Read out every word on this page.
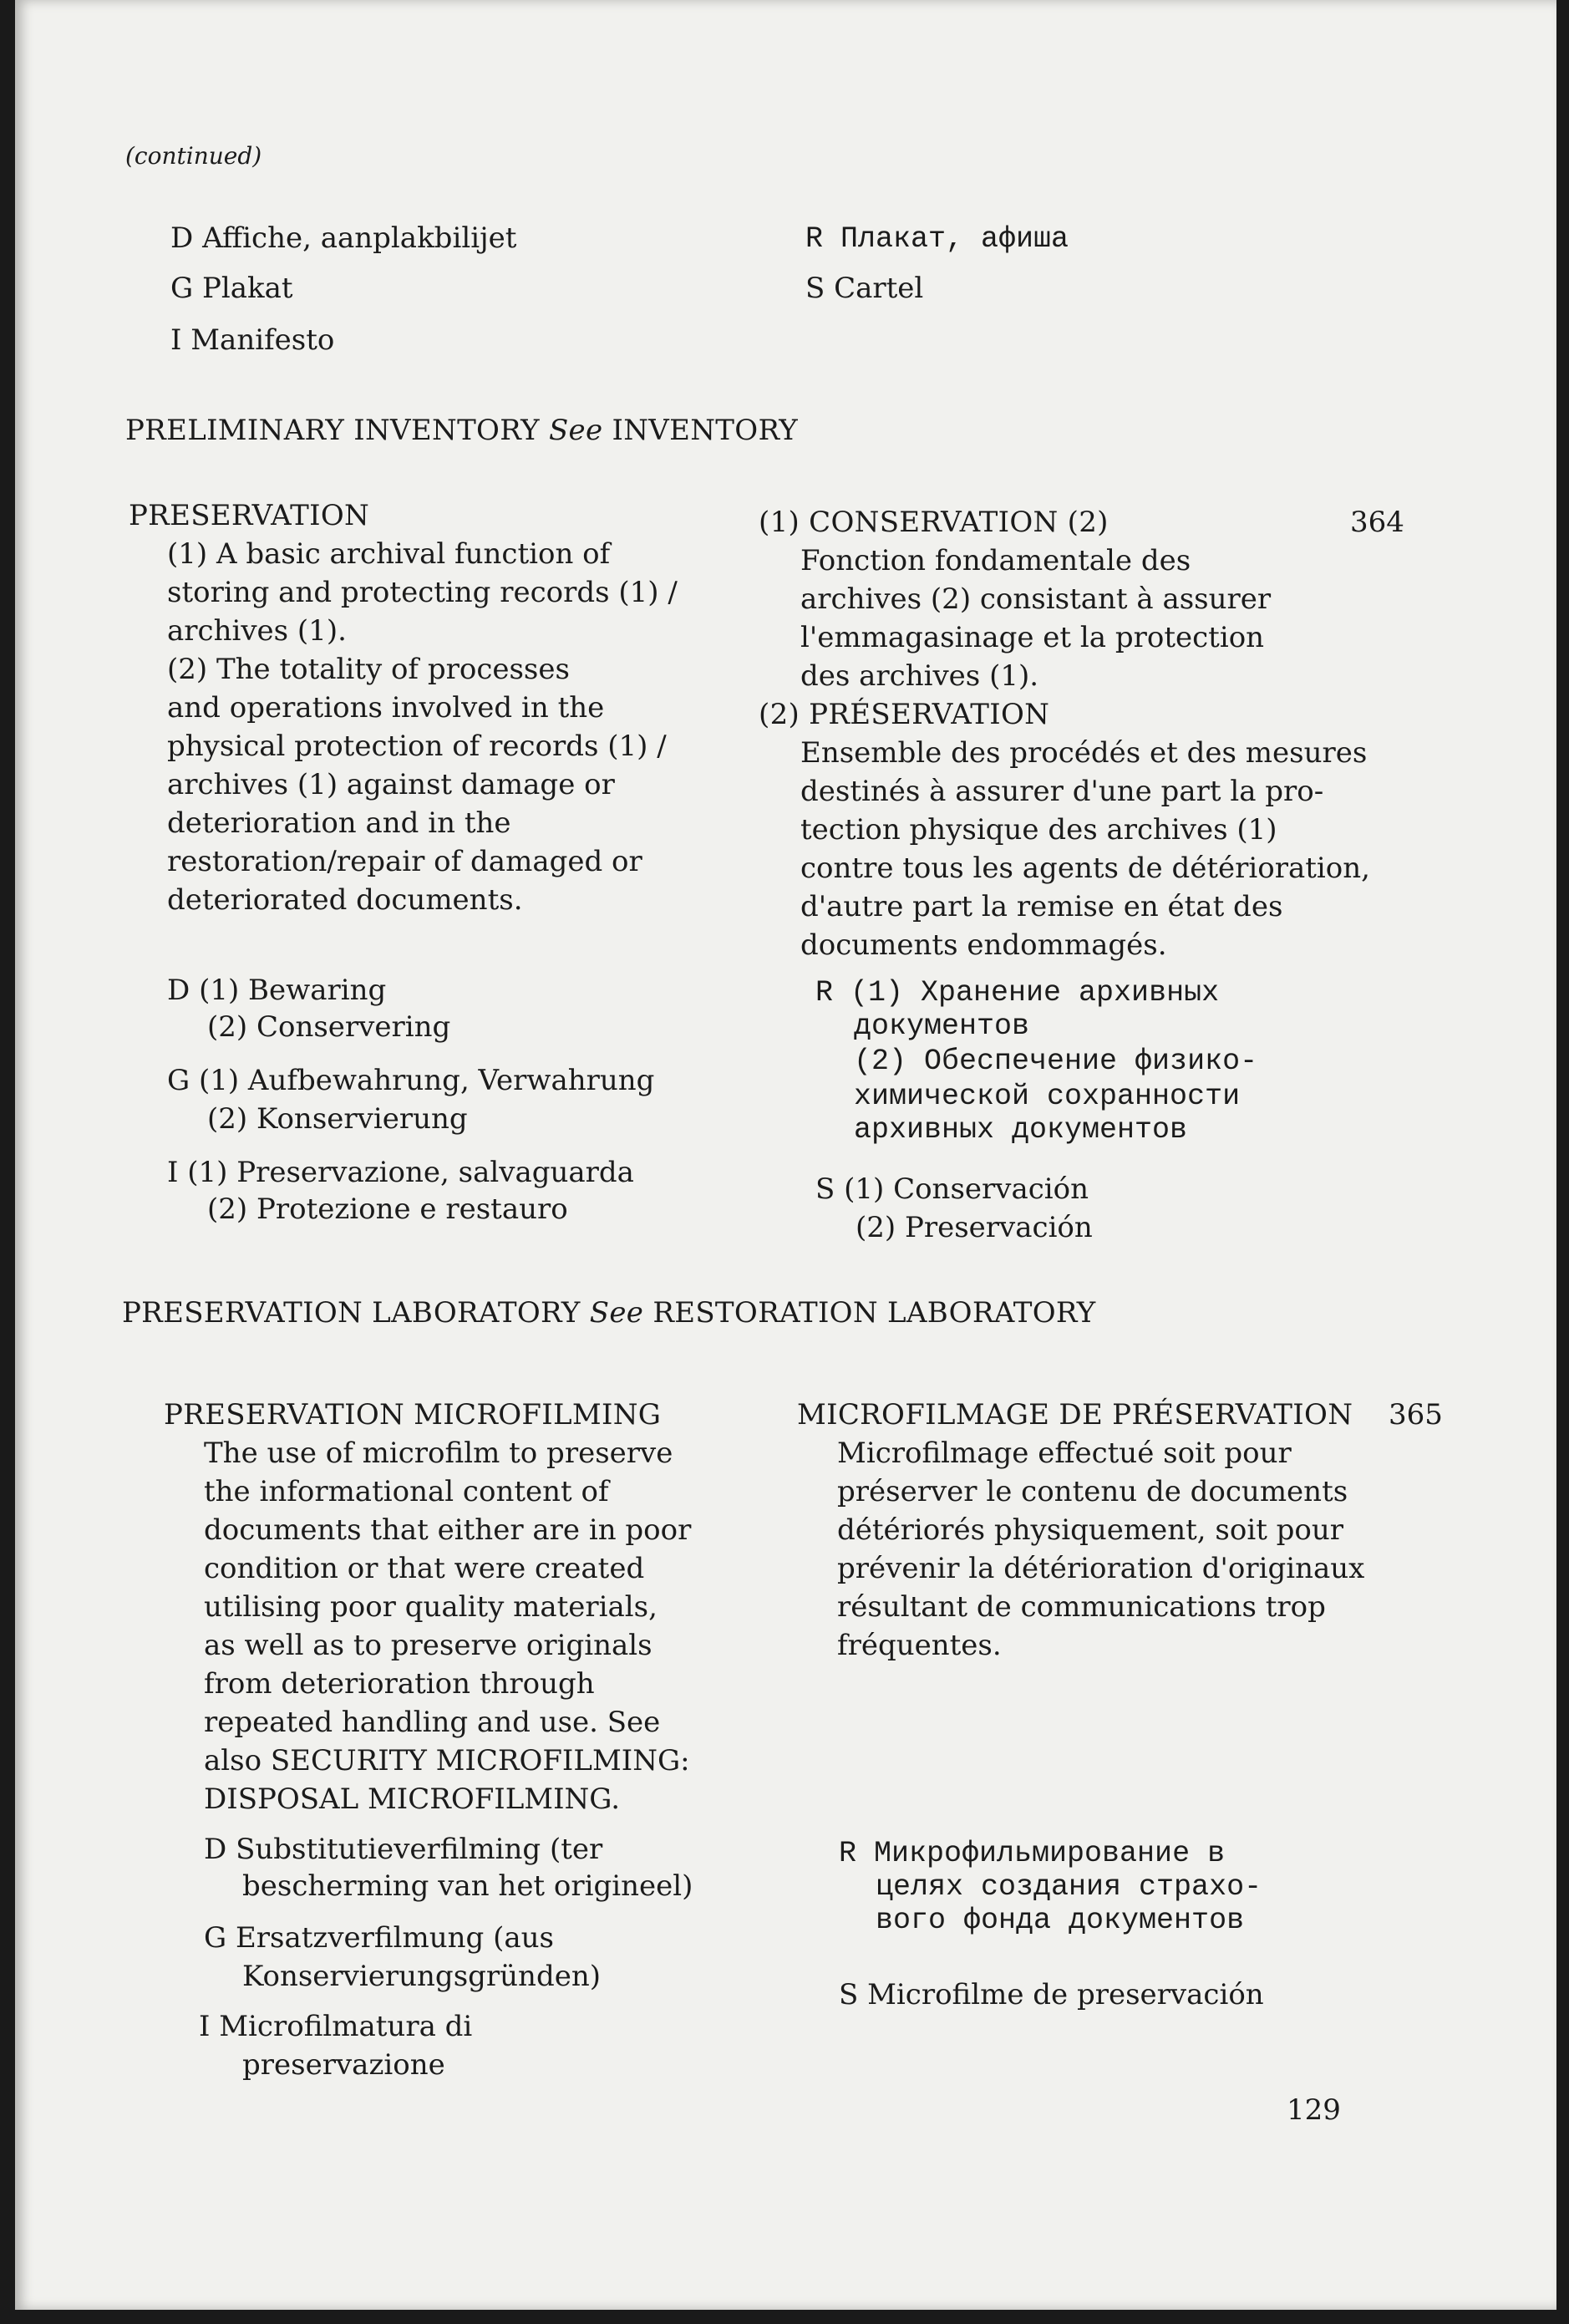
(continued)

D Affiche, aanplakbilijet

G Plakat

I Manifesto

R Плакат, афиша

S Cartel

PRELIMINARY INVENTORY See INVENTORY

PRESERVATION

(1) A basic archival function of

storing and protecting records (1) /

archives (1).

(2) The totality of processes

and operations involved in the

physical protection of records (1) /

archives (1) against damage or

deterioration and in the

restoration/repair of damaged or

deteriorated documents.

(1) CONSERVATION (2)	364

Fonction fondamentale des

archives (2) consistant à assurer

l'emmagasinage et la protection

des archives (1).

(2) PRÉSERVATION

Ensemble des procédés et des mesures

destinés à assurer d'une part la pro-

tection physique des archives (1)

contre tous les agents de détérioration,

d'autre part la remise en état des

documents endommagés.

D (1) Bewaring

(2) Conservering

G (1) Aufbewahrung, Verwahrung

(2) Konservierung

I (1) Preservazione, salvaguarda

(2) Protezione e restauro

R (1) Хранение архивных

документов

(2) Обеспечение физико-

химической сохранности

архивных документов

S (1) Conservación

(2) Preservación

PRESERVATION LABORATORY See RESTORATION LABORATORY

PRESERVATION MICROFILMING

The use of microfilm to preserve

the informational content of

documents that either are in poor

condition or that were created

utilising poor quality materials,

as well as to preserve originals

from deterioration through

repeated handling and use. See

also SECURITY MICROFILMING:

DISPOSAL MICROFILMING.

MICROFILMAGE DE PRÉSERVATION 365

Microfilmage effectué soit pour

préserver le contenu de documents

détériorés physiquement, soit pour

prévenir la détérioration d'originaux

résultant de communications trop

fréquentes.

D Substitutieverfilming (ter

bescherming van het origineel)

G Ersatzverfilmung (aus

Konservierungsgründen)

I Microfilmatura di

preservazione

R Микрофильмирование в

целях создания страхо-

вого фонда документов

S Microfilme de preservación

129
